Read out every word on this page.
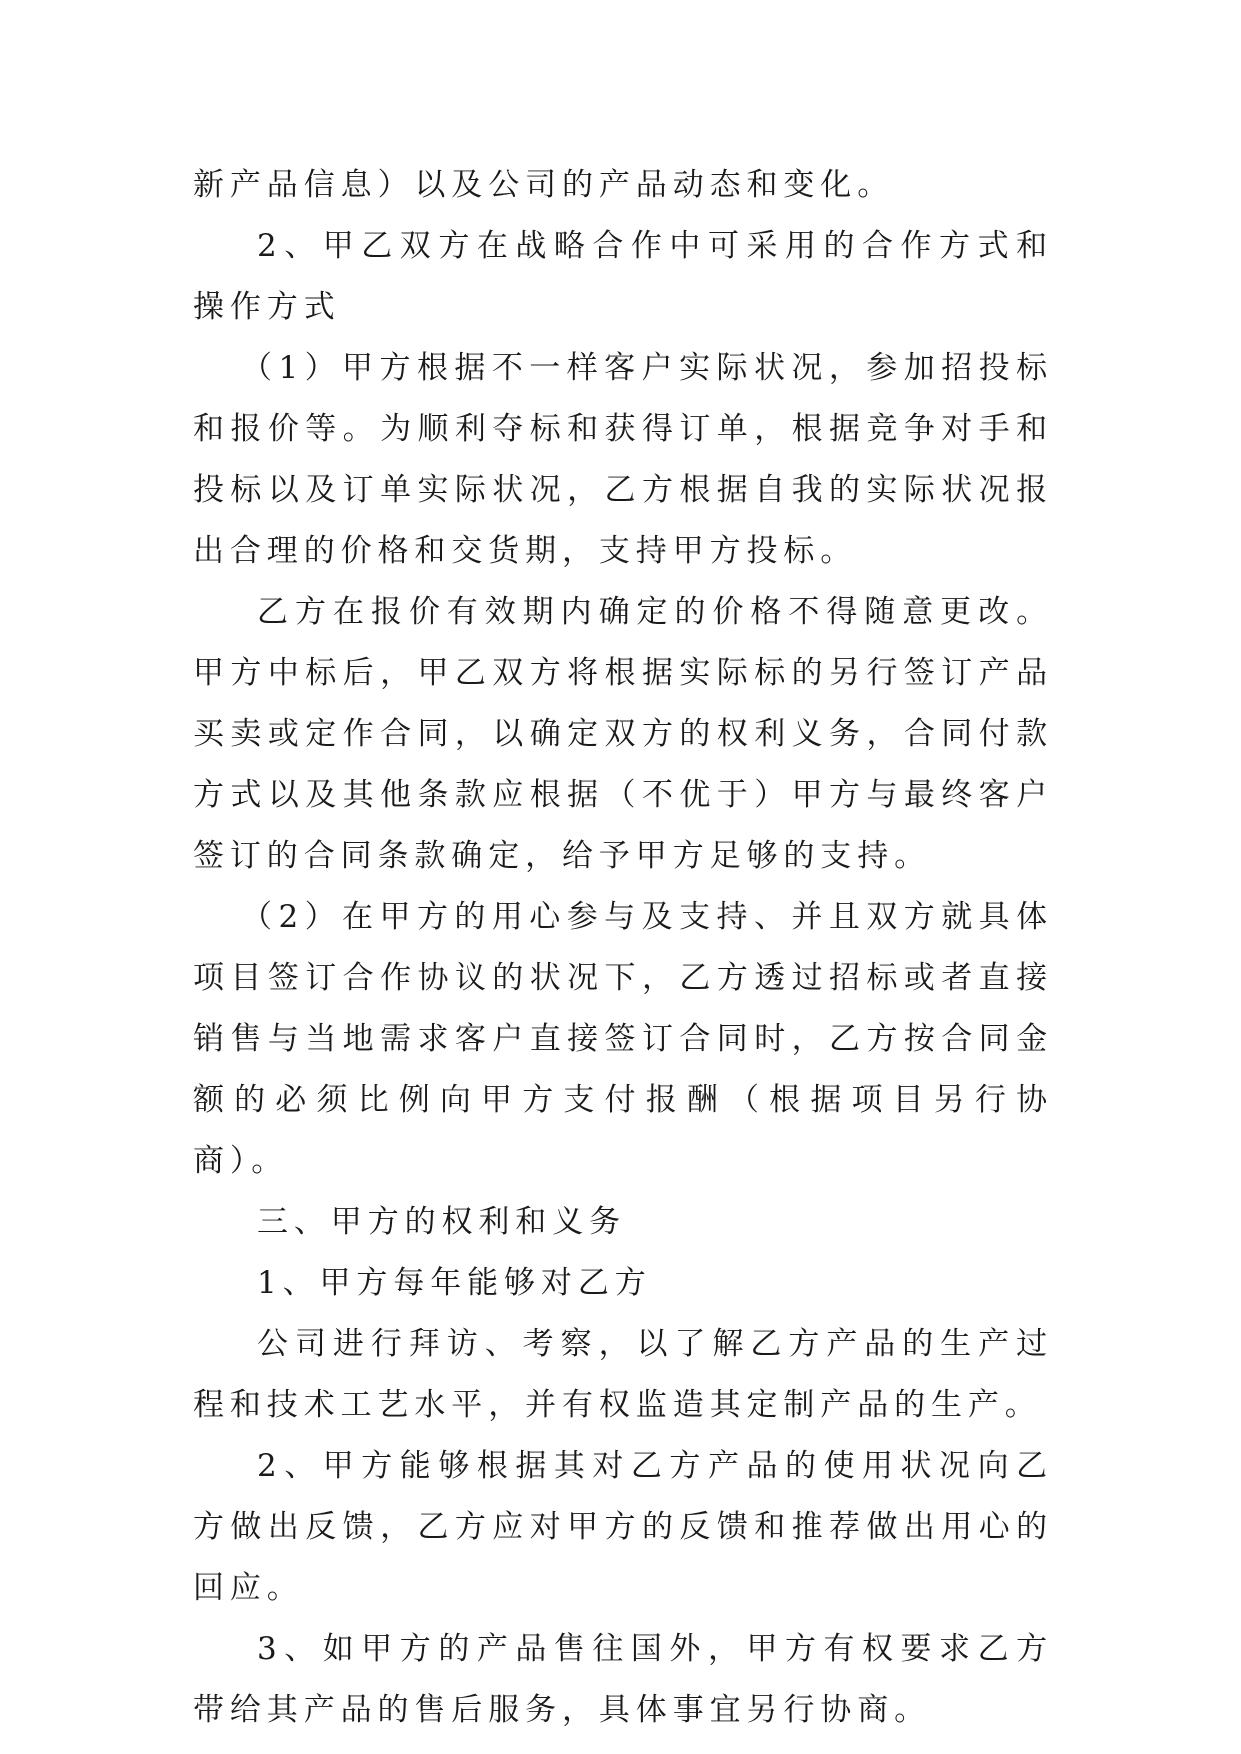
新产品信息）以及公司的产品动态和变化。

2、甲乙双方在战略合作中可采用的合作方式和操作方式

（1）甲方根据不一样客户实际状况，参加招投标和报价等。为顺利夺标和获得订单，根据竞争对手和投标以及订单实际状况，乙方根据自我的实际状况报出合理的价格和交货期，支持甲方投标。

乙方在报价有效期内确定的价格不得随意更改。甲方中标后，甲乙双方将根据实际标的另行签订产品买卖或定作合同，以确定双方的权利义务，合同付款方式以及其他条款应根据（不优于）甲方与最终客户签订的合同条款确定，给予甲方足够的支持。

（2）在甲方的用心参与及支持、并且双方就具体项目签订合作协议的状况下，乙方透过招标或者直接销售与当地需求客户直接签订合同时，乙方按合同金额的必须比例向甲方支付报酬（根据项目另行协商）。

三、甲方的权利和义务

1、甲方每年能够对乙方

公司进行拜访、考察，以了解乙方产品的生产过程和技术工艺水平，并有权监造其定制产品的生产。

2、甲方能够根据其对乙方产品的使用状况向乙方做出反馈，乙方应对甲方的反馈和推荐做出用心的回应。

3、如甲方的产品售往国外，甲方有权要求乙方带给其产品的售后服务，具体事宜另行协商。
